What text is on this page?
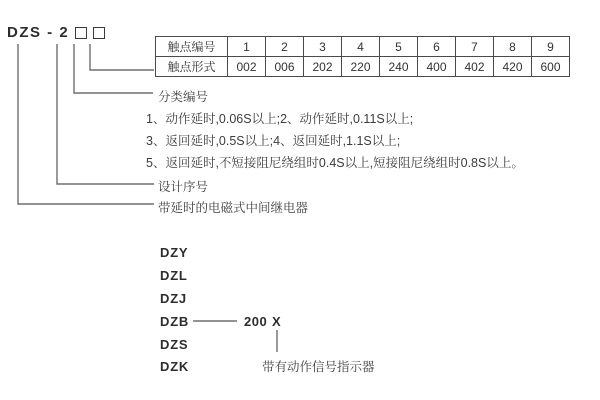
DZS - 2
触点编号	1	2	3	4	5	6	7	8	9
触点形式	002	006	202	220	240	400	402	420	600
分类编号
1、动作延时,0.06S以上;2、动作延时,0.11S以上;
3、返回延时,0.5S以上;4、返回延时,1.1S以上;
5、返回延时,不短接阻尼绕组时0.4S以上,短接阻尼绕组时0.8S以上。
设计序号
带延时的电磁式中间继电器
DZY
DZL
DZJ
DZB
DZS
DZK
200 X
带有动作信号指示器
